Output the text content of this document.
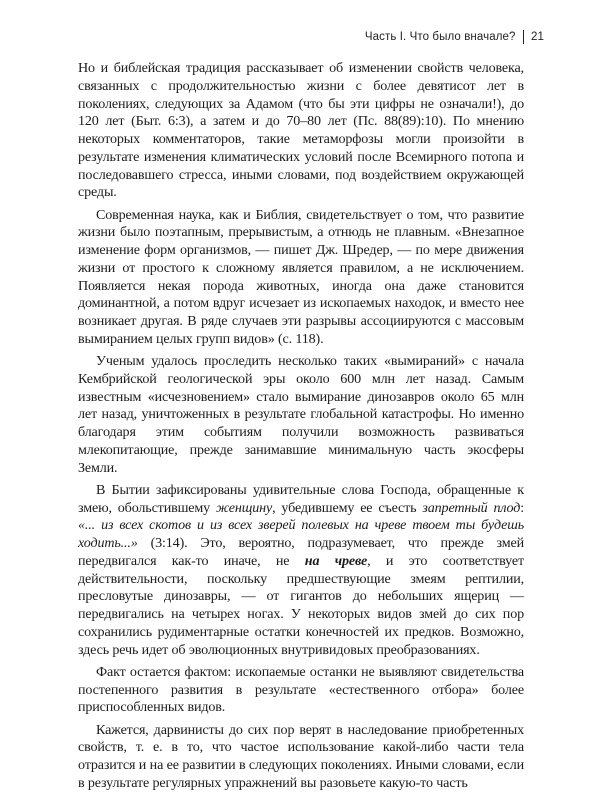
Часть I. Что было вначале? 21

Но и библейская традиция рассказывает об изменении свойств человека, связанных с продолжительностью жизни с более девятисот лет в поколениях, следующих за Адамом (что бы эти цифры не означали!), до 120 лет (Быт. 6:3), а затем и до 70–80 лет (Пс. 88(89):10). По мнению некоторых комментаторов, такие метаморфозы могли произойти в результате изменения климатических условий после Всемирного потопа и последовавшего стресса, иными словами, под воздействием окружающей среды.

Современная наука, как и Библия, свидетельствует о том, что развитие жизни было поэтапным, прерывистым, а отнюдь не плавным. «Внезапное изменение форм организмов, — пишет Дж. Шредер, — по мере движения жизни от простого к сложному является правилом, а не исключением. Появляется некая порода животных, иногда она даже становится доминантной, а потом вдруг исчезает из ископаемых находок, и вместо нее возникает другая. В ряде случаев эти разрывы ассоциируются с массовым вымиранием целых групп видов» (с. 118).

Ученым удалось проследить несколько таких «вымираний» с начала Кембрийской геологической эры около 600 млн лет назад. Самым известным «исчезновением» стало вымирание динозавров около 65 млн лет назад, уничтоженных в результате глобальной катастрофы. Но именно благодаря этим событиям получили возможность развиваться млекопитающие, прежде занимавшие минимальную часть экосферы Земли.

В Бытии зафиксированы удивительные слова Господа, обращенные к змею, обольстившему женщину, убедившему ее съесть запретный плод: «... из всех скотов и из всех зверей полевых на чреве твоем ты будешь ходить...» (3:14). Это, вероятно, подразумевает, что прежде змей передвигался как-то иначе, не на чреве, и это соответствует действительности, поскольку предшествующие змеям рептилии, пресловутые динозавры, — от гигантов до небольших ящериц — передвигались на четырех ногах. У некоторых видов змей до сих пор сохранились рудиментарные остатки конечностей их предков. Возможно, здесь речь идет об эволюционных внутривидовых преобразованиях.

Факт остается фактом: ископаемые останки не выявляют свидетельства постепенного развития в результате «естественного отбора» более приспособленных видов.

Кажется, дарвинисты до сих пор верят в наследование приобретенных свойств, т. е. в то, что частое использование какой-либо части тела отразится и на ее развитии в следующих поколениях. Иными словами, если в результате регулярных упражнений вы разовьете какую-то часть
